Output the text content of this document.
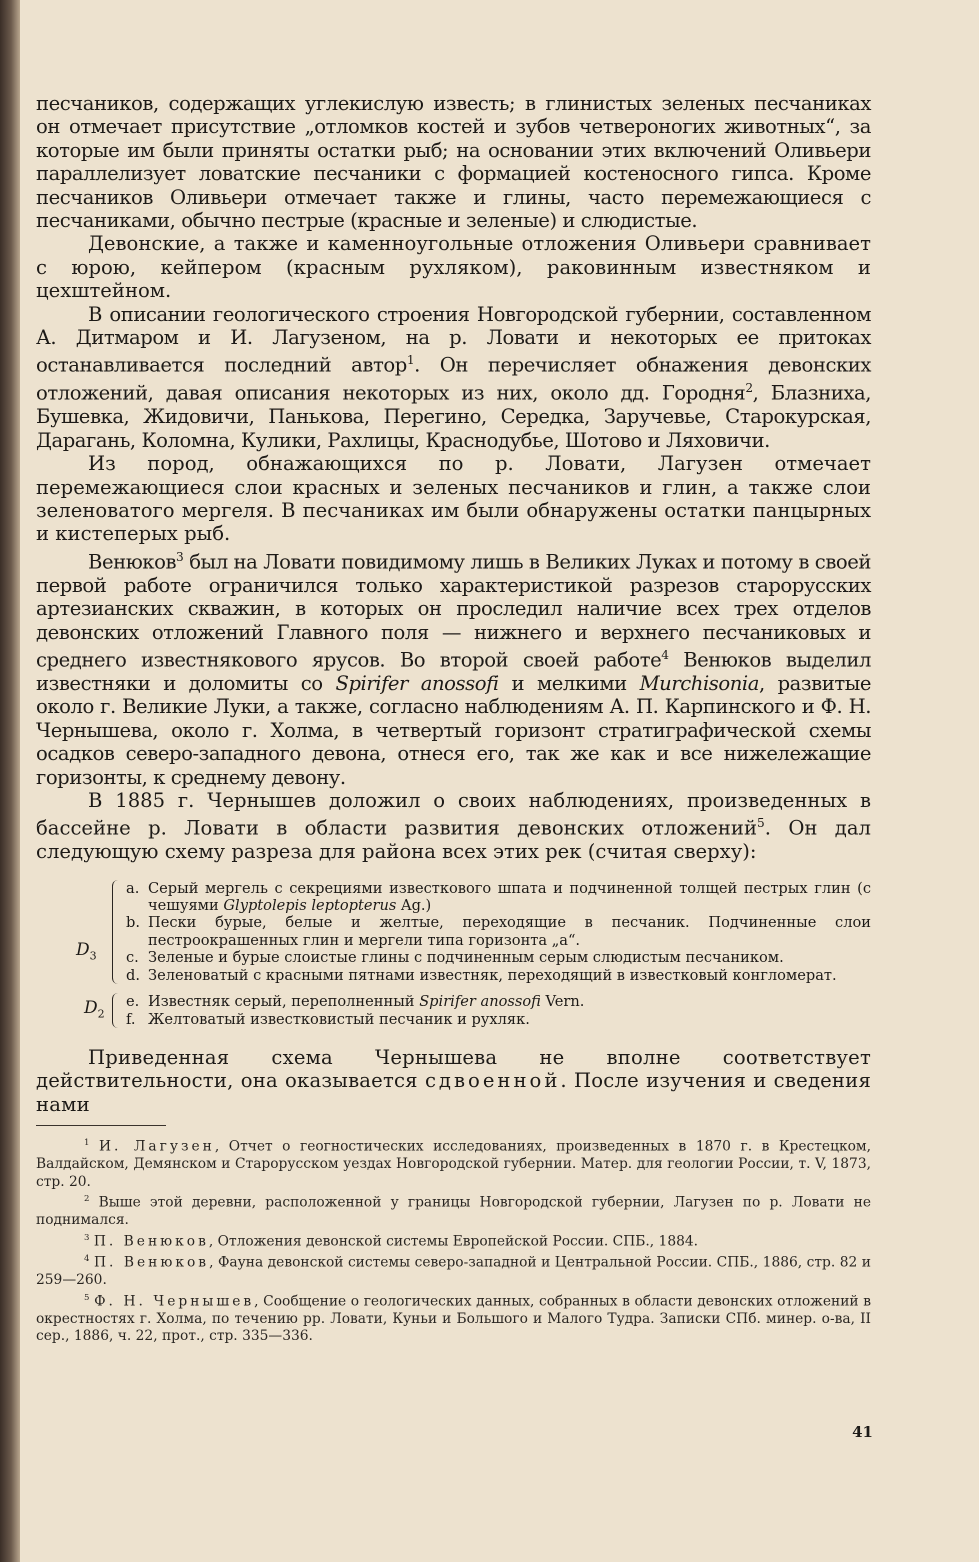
песчаников, содержащих углекислую известь; в глинистых зеленых песчаниках он отмечает присутствие „отломков костей и зубов четвероногих животных“, за которые им были приняты остатки рыб; на основании этих включений Оливьери параллелизует ловатские песчаники с формацией костеносного гипса. Кроме песчаников Оливьери отмечает также и глины, часто перемежающиеся с песчаниками, обычно пестрые (красные и зеленые) и слюдистые.

Девонские, а также и каменноугольные отложения Оливьери сравнивает с юрою, кейпером (красным рухляком), раковинным известняком и цехштейном.

В описании геологического строения Новгородской губернии, составленном А. Дитмаром и И. Лагузеном, на р. Ловати и некоторых ее притоках останавливается последний автор$^1$. Он перечисляет обнажения девонских отложений, давая описания некоторых из них, около дд. Городня$^2$, Блазниха, Бушевка, Жидовичи, Панькова, Перегино, Середка, Заручевье, Старокурская, Дарагань, Коломна, Кулики, Рахлицы, Краснодубье, Шотово и Ляховичи.

Из пород, обнажающихся по р. Ловати, Лагузен отмечает перемежающиеся слои красных и зеленых песчаников и глин, а также слои зеленоватого мергеля. В песчаниках им были обнаружены остатки панцырных и кистеперых рыб.

Венюков$^3$ был на Ловати повидимому лишь в Великих Луках и потому в своей первой работе ограничился только характеристикой разрезов старорусских артезианских скважин, в которых он проследил наличие всех трех отделов девонских отложений Главного поля — нижнего и верхнего песчаниковых и среднего известнякового ярусов. Во второй своей работе$^4$ Венюков выделил известняки и доломиты со Spirifer anossofi и мелкими Murchisonia, развитые около г. Великие Луки, а также, согласно наблюдениям А. П. Карпинского и Ф. Н. Чернышева, около г. Холма, в четвертый горизонт стратиграфической схемы осадков северо-западного девона, отнеся его, так же как и все нижележащие горизонты, к среднему девону.

В 1885 г. Чернышев доложил о своих наблюдениях, произведенных в бассейне р. Ловати в области развития девонских отложений$^5$. Он дал следующую схему разреза для района всех этих рек (считая сверху):

$D_3$
a. Серый мергель с секрециями известкового шпата и подчиненной толщей пестрых глин (с чешуями Glyptolepis leptopterus Ag.)
b. Пески бурые, белые и желтые, переходящие в песчаник. Подчиненные слои пестроокрашенных глин и мергели типа горизонта „а“.
c. Зеленые и бурые слоистые глины с подчиненным серым слюдистым песчаником.
d. Зеленоватый с красными пятнами известняк, переходящий в известковый конгломерат.
$D_2$
e. Известняк серый, переполненный Spirifer anossofi Vern.
f. Желтоватый известковистый песчаник и рухляк.

Приведенная схема Чернышева не вполне соответствует действительности, она оказывается сдвоенной. После изучения и сведения нами

$^1$ И. Лагузен, Отчет о геогностических исследованиях, произведенных в 1870 г. в Крестецком, Валдайском, Демянском и Старорусском уездах Новгородской губернии. Матер. для геологии России, т. V, 1873, стр. 20.

$^2$ Выше этой деревни, расположенной у границы Новгородской губернии, Лагузен по р. Ловати не поднимался.

$^3$ П. Венюков, Отложения девонской системы Европейской России. СПБ., 1884.

$^4$ П. Венюков, Фауна девонской системы северо-западной и Центральной России. СПБ., 1886, стр. 82 и 259—260.

$^5$ Ф. Н. Чернышев, Сообщение о геологических данных, собранных в области девонских отложений в окрестностях г. Холма, по течению рр. Ловати, Куньи и Большого и Малого Тудра. Записки СПб. минер. о-ва, II сер., 1886, ч. 22, прот., стр. 335—336.

41
